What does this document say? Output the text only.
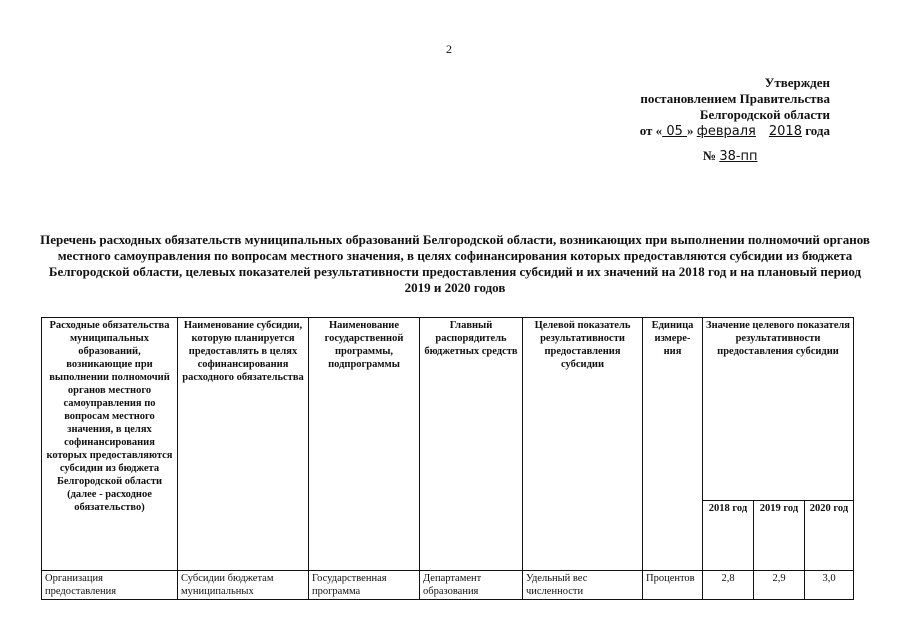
2
Утвержден
постановлением Правительства
Белгородской области
от « 05 » февраля 2018 года
№ 38-пп
Перечень расходных обязательств муниципальных образований Белгородской области, возникающих при выполнении полномочий органов местного самоуправления по вопросам местного значения, в целях софинансирования которых предоставляются субсидии из бюджета Белгородской области, целевых показателей результативности предоставления субсидий и их значений на 2018 год и на плановый период 2019 и 2020 годов
Расходные обязательства муниципальных образований, возникающие при выполнении полномочий органов местного самоуправления по вопросам местного значения, в целях софинансирования которых предоставляются субсидии из бюджета Белгородской области (далее - расходное обязательство)	Наименование субсидии, которую планируется предоставлять в целях софинансирования расходного обязательства	Наименование государственной программы, подпрограммы	Главный распорядитель бюджетных средств	Целевой показатель результативности предоставления субсидии	Единица измере-ния	Значение целевого показателя результативности предоставления субсидии		
						2018 год	2019 год	2020 год
Организация предоставления	Субсидии бюджетам муниципальных	Государственная программа	Департамент образования	Удельный вес численности	Процентов	2,8	2,9	3,0
